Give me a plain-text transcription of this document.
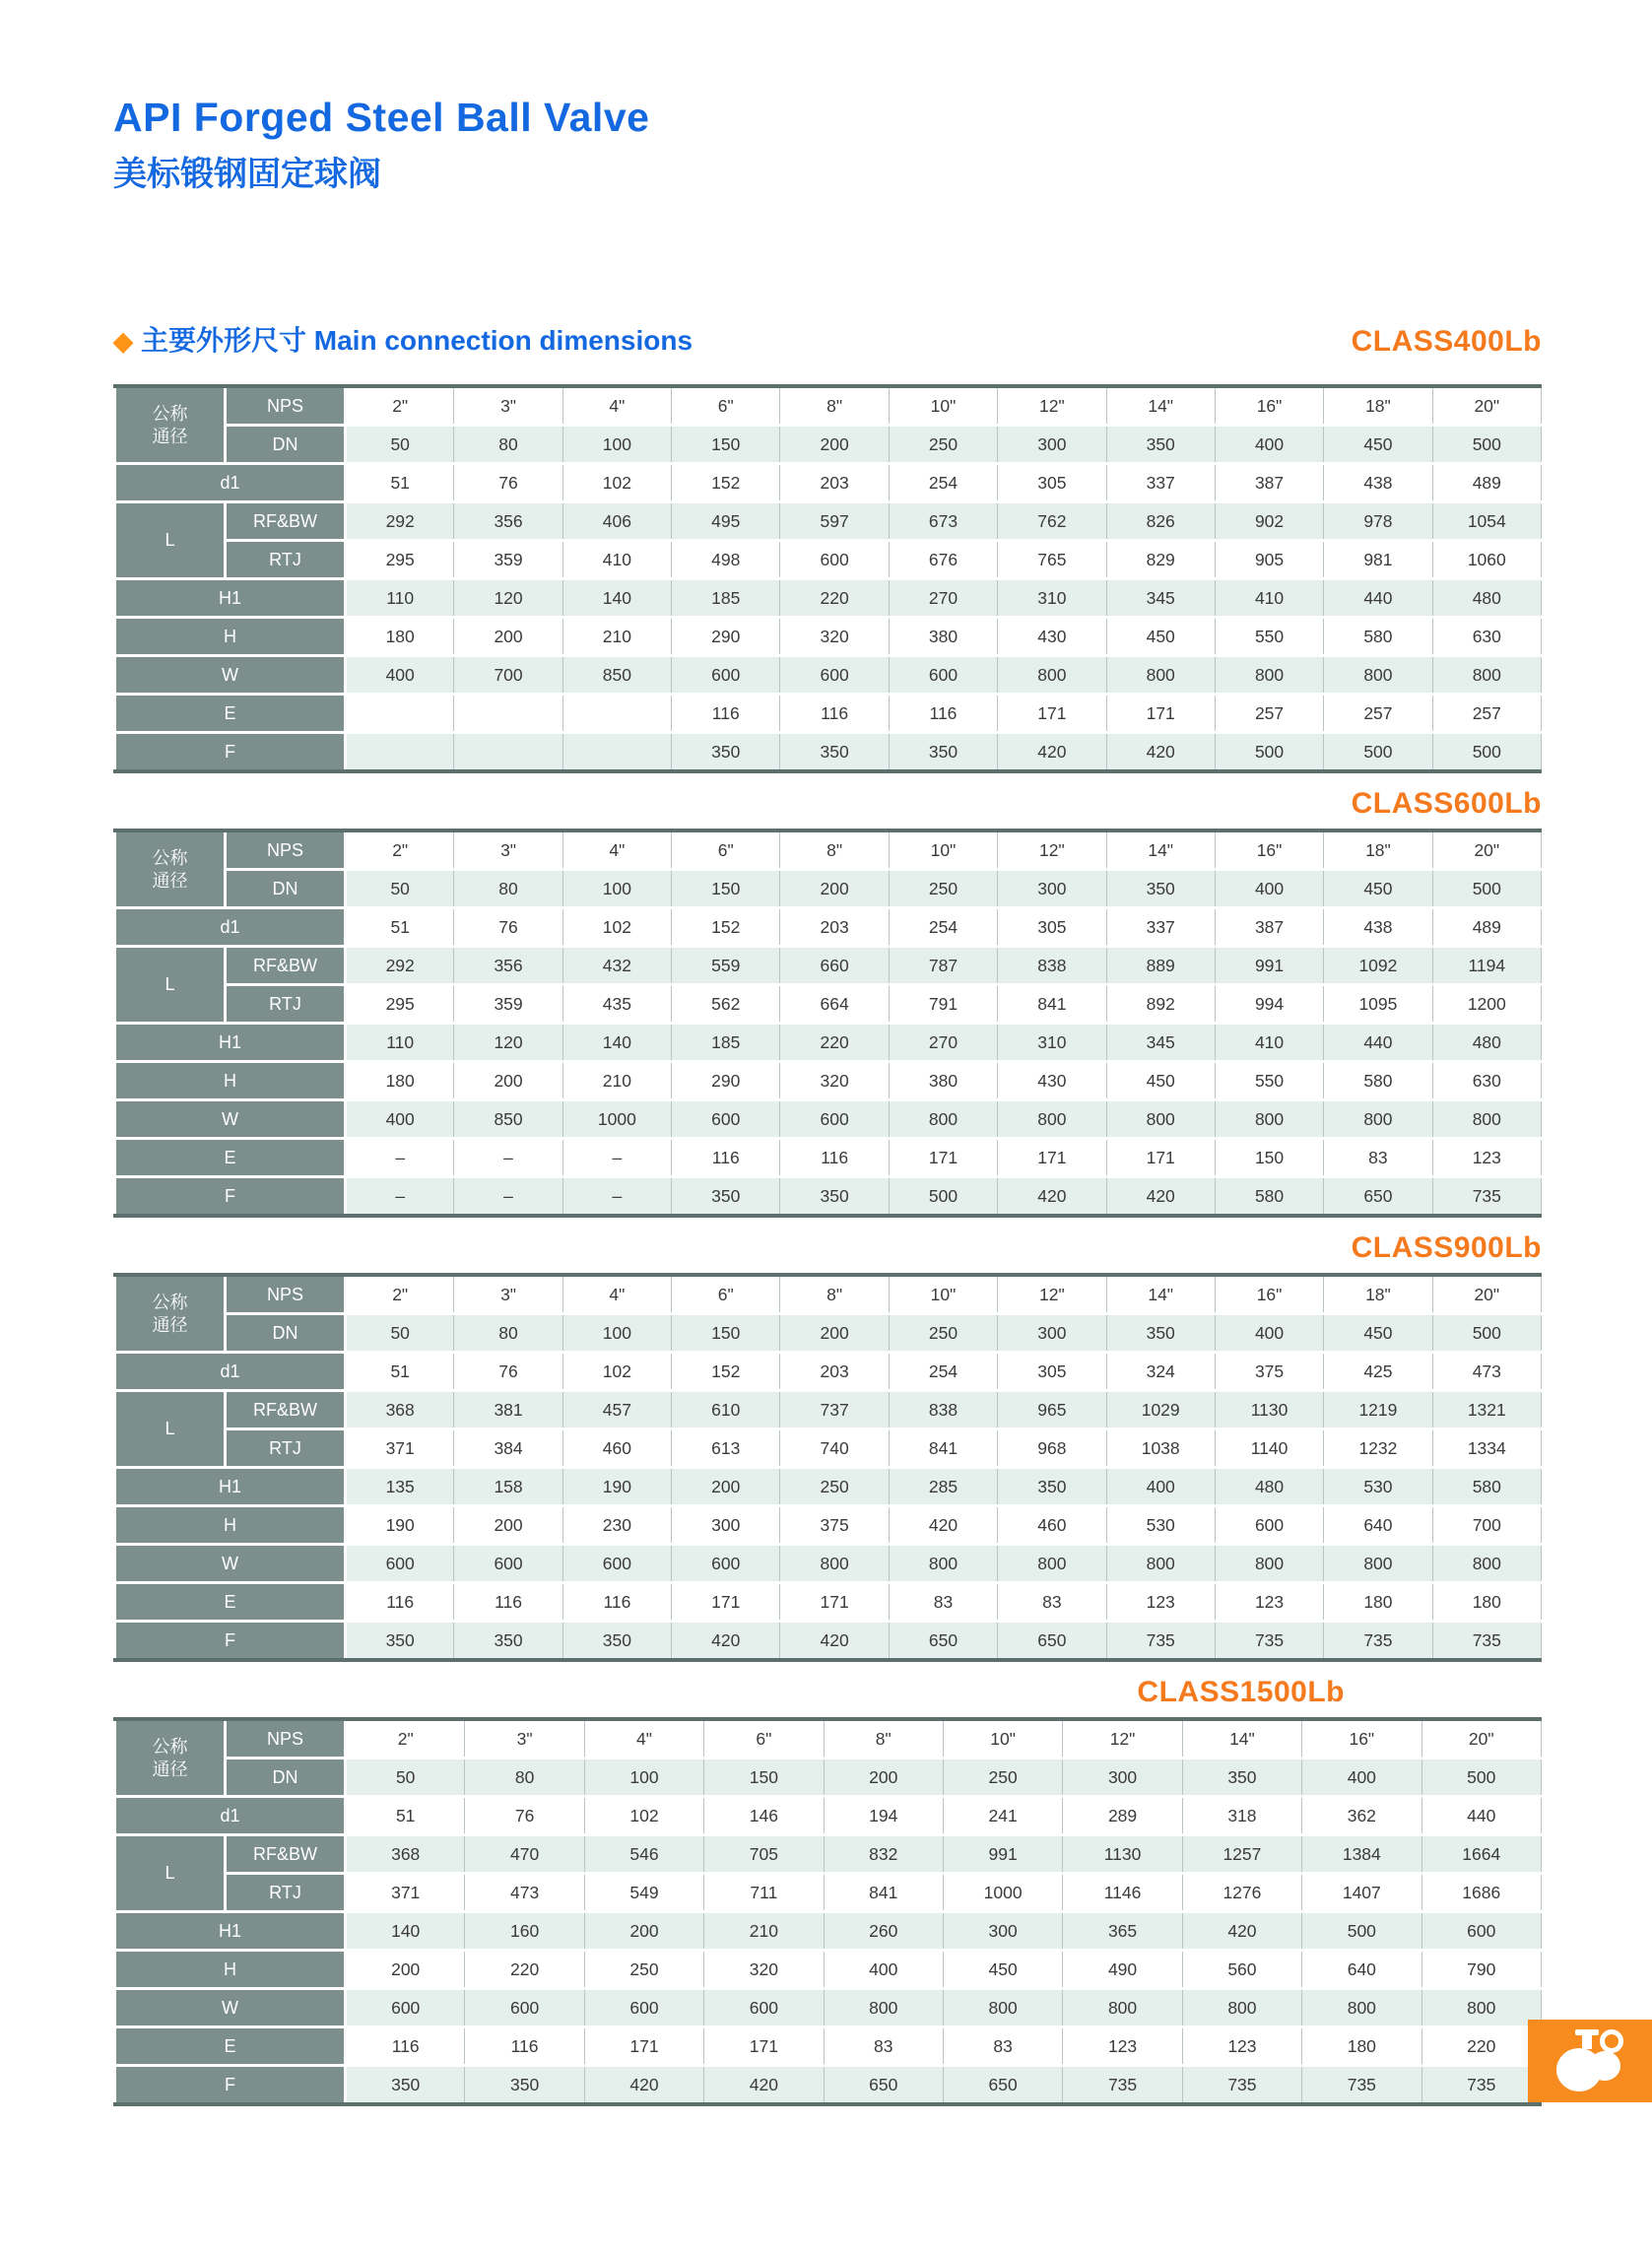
API Forged Steel Ball Valve
美标锻钢固定球阀
◆ 主要外形尺寸 Main connection dimensions	CLASS400Lb
公称
通径	NPS	2"	3"	4"	6"	8"	10"	12"	14"	16"	18"	20"
	DN	50	80	100	150	200	250	300	350	400	450	500
d1		51	76	102	152	203	254	305	337	387	438	489
L	RF&BW	292	356	406	495	597	673	762	826	902	978	1054
	RTJ	295	359	410	498	600	676	765	829	905	981	1060
H1		110	120	140	185	220	270	310	345	410	440	480
H		180	200	210	290	320	380	430	450	550	580	630
W		400	700	850	600	600	600	800	800	800	800	800
E					116	116	116	171	171	257	257	257
F					350	350	350	420	420	500	500	500
CLASS600Lb
公称
通径	NPS	2"	3"	4"	6"	8"	10"	12"	14"	16"	18"	20"
	DN	50	80	100	150	200	250	300	350	400	450	500
d1		51	76	102	152	203	254	305	337	387	438	489
L	RF&BW	292	356	432	559	660	787	838	889	991	1092	1194
	RTJ	295	359	435	562	664	791	841	892	994	1095	1200
H1		110	120	140	185	220	270	310	345	410	440	480
H		180	200	210	290	320	380	430	450	550	580	630
W		400	850	1000	600	600	800	800	800	800	800	800
E		–	–	–	116	116	171	171	171	150	83	123
F		–	–	–	350	350	500	420	420	580	650	735
CLASS900Lb
公称
通径	NPS	2"	3"	4"	6"	8"	10"	12"	14"	16"	18"	20"
	DN	50	80	100	150	200	250	300	350	400	450	500
d1		51	76	102	152	203	254	305	324	375	425	473
L	RF&BW	368	381	457	610	737	838	965	1029	1130	1219	1321
	RTJ	371	384	460	613	740	841	968	1038	1140	1232	1334
H1		135	158	190	200	250	285	350	400	480	530	580
H		190	200	230	300	375	420	460	530	600	640	700
W		600	600	600	600	800	800	800	800	800	800	800
E		116	116	116	171	171	83	83	123	123	180	180
F		350	350	350	420	420	650	650	735	735	735	735
CLASS1500Lb
公称
通径	NPS	2"	3"	4"	6"	8"	10"	12"	14"	16"	20"
	DN	50	80	100	150	200	250	300	350	400	500
d1		51	76	102	146	194	241	289	318	362	440
L	RF&BW	368	470	546	705	832	991	1130	1257	1384	1664
	RTJ	371	473	549	711	841	1000	1146	1276	1407	1686
H1		140	160	200	210	260	300	365	420	500	600
H		200	220	250	320	400	450	490	560	640	790
W		600	600	600	600	800	800	800	800	800	800
E		116	116	171	171	83	83	123	123	180	220
F		350	350	420	420	650	650	735	735	735	735
